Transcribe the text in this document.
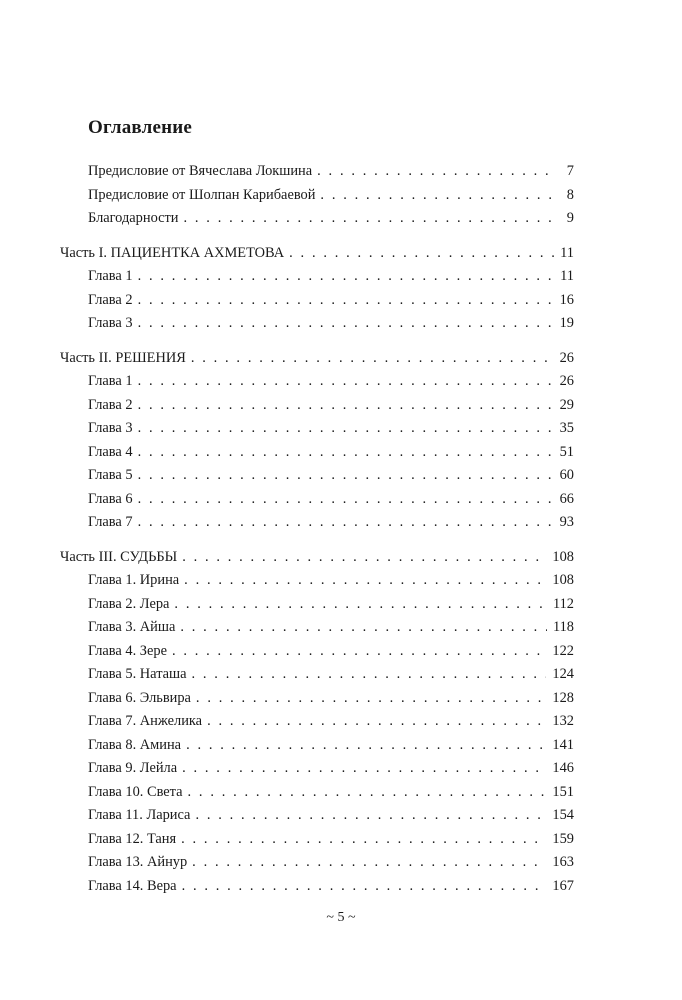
Оглавление
Предисловие от Вячеслава Локшина . . .	7
Предисловие от Шолпан Карибаевой . . .	8
Благодарности . . .	9
Часть I. ПАЦИЕНТКА АХМЕТОВА . . .	11
Глава 1 . . .	11
Глава 2 . . .	16
Глава 3 . . .	19
Часть II. РЕШЕНИЯ . . .	26
Глава 1 . . .	26
Глава 2 . . .	29
Глава 3 . . .	35
Глава 4 . . .	51
Глава 5 . . .	60
Глава 6 . . .	66
Глава 7 . . .	93
Часть III. СУДЬБЫ . . .	108
Глава 1. Ирина . . .	108
Глава 2. Лера . . .	112
Глава 3. Айша . . .	118
Глава 4. Зере . . .	122
Глава 5. Наташа . . .	124
Глава 6. Эльвира . . .	128
Глава 7. Анжелика . . .	132
Глава 8. Амина . . .	141
Глава 9. Лейла . . .	146
Глава 10. Света . . .	151
Глава 11. Лариса . . .	154
Глава 12. Таня . . .	159
Глава 13. Айнур . . .	163
Глава 14. Вера . . .	167
~ 5 ~
